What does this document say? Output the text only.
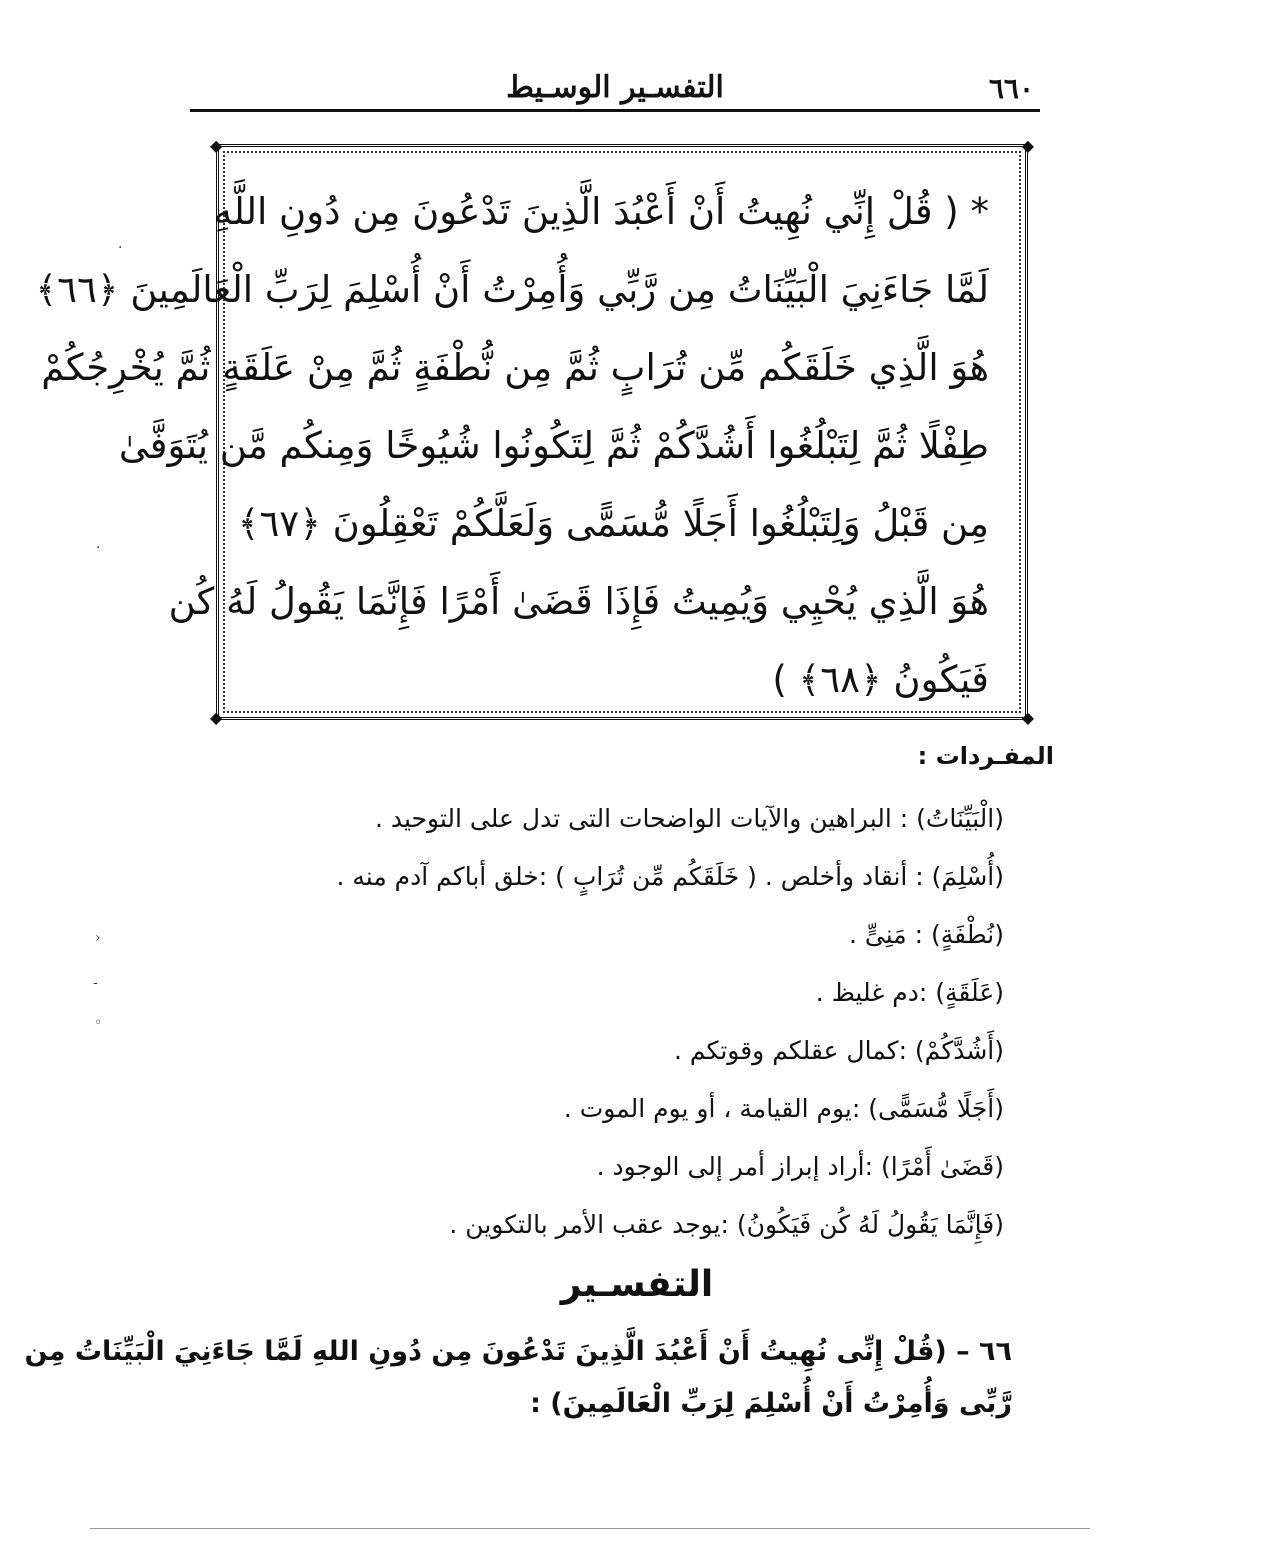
٦٦٠
التفسـير الوسـيط
◆	◆
◆	◆
* ( قُلْ إِنِّي نُهِيتُ أَنْ أَعْبُدَ الَّذِينَ تَدْعُونَ مِن دُونِ اللَّهِ
لَمَّا جَاءَنِيَ الْبَيِّنَاتُ مِن رَّبِّي وَأُمِرْتُ أَنْ أُسْلِمَ لِرَبِّ الْعَالَمِينَ ﴿٦٦﴾
هُوَ الَّذِي خَلَقَكُم مِّن تُرَابٍ ثُمَّ مِن نُّطْفَةٍ ثُمَّ مِنْ عَلَقَةٍ ثُمَّ يُخْرِجُكُمْ
طِفْلًا ثُمَّ لِتَبْلُغُوا أَشُدَّكُمْ ثُمَّ لِتَكُونُوا شُيُوخًا وَمِنكُم مَّن يُتَوَفَّىٰ
مِن قَبْلُ وَلِتَبْلُغُوا أَجَلًا مُّسَمًّى وَلَعَلَّكُمْ تَعْقِلُونَ ﴿٦٧﴾
هُوَ الَّذِي يُحْيِي وَيُمِيتُ فَإِذَا قَضَىٰ أَمْرًا فَإِنَّمَا يَقُولُ لَهُ كُن
فَيَكُونُ ﴿٦٨﴾ )
المفـردات :
(الْبَيِّنَاتُ) : البراهين والآيات الواضحات التى تدل على التوحيد .
(أُسْلِمَ) : أنقاد وأخلص . ( خَلَقَكُم مِّن تُرَابٍ ) :خلق أباكم آدم منه .
(نُطْفَةٍ) : مَنِىٍّ .
(عَلَقَةٍ) :دم غليظ .
(أَشُدَّكُمْ) :كمال عقلكم وقوتكم .
(أَجَلًا مُّسَمًّى) :يوم القيامة ، أو يوم الموت .
(قَضَىٰ أَمْرًا) :أراد إبراز أمر إلى الوجود .
(فَإِنَّمَا يَقُولُ لَهُ كُن فَيَكُونُ) :يوجد عقب الأمر بالتكوين .
التفسـير
٦٦ – (قُلْ إِنِّى نُهِيتُ أَنْ أَعْبُدَ الَّذِينَ تَدْعُونَ مِن دُونِ اللهِ لَمَّا جَاءَنِيَ الْبَيِّنَاتُ مِن
رَّبِّى وَأُمِرْتُ أَنْ أُسْلِمَ لِرَبِّ الْعَالَمِينَ) :
·
·
›
‐
◦
